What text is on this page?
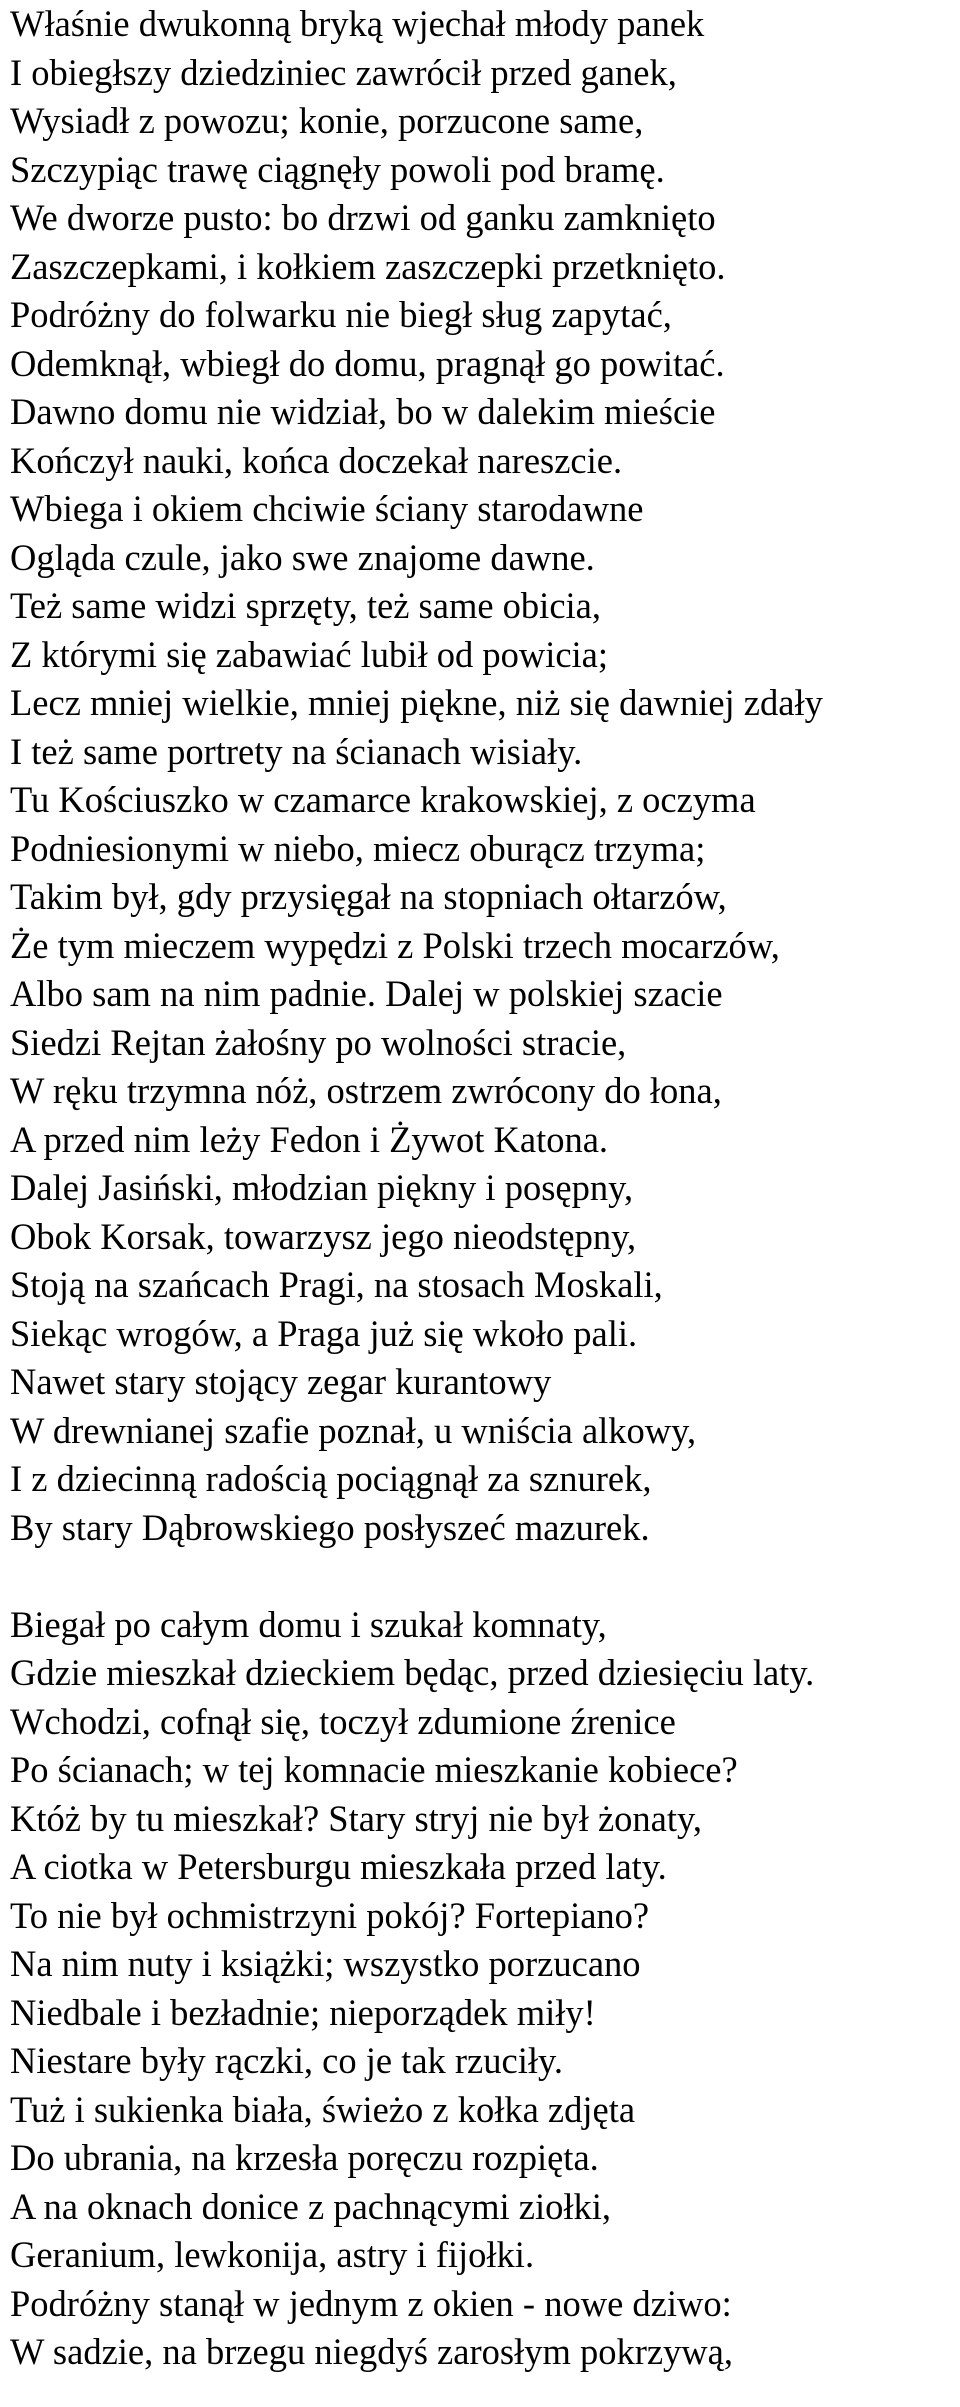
Właśnie dwukonną bryką wjechał młody panek
I obiegłszy dziedziniec zawrócił przed ganek,
Wysiadł z powozu; konie, porzucone same,
Szczypiąc trawę ciągnęły powoli pod bramę.
We dworze pusto: bo drzwi od ganku zamknięto
Zaszczepkami, i kołkiem zaszczepki przetknięto.
Podróżny do folwarku nie biegł sług zapytać,
Odemknął, wbiegł do domu, pragnął go powitać.
Dawno domu nie widział, bo w dalekim mieście
Kończył nauki, końca doczekał nareszcie.
Wbiega i okiem chciwie ściany starodawne
Ogląda czule, jako swe znajome dawne.
Też same widzi sprzęty, też same obicia,
Z którymi się zabawiać lubił od powicia;
Lecz mniej wielkie, mniej piękne, niż się dawniej zdały
I też same portrety na ścianach wisiały.
Tu Kościuszko w czamarce krakowskiej, z oczyma
Podniesionymi w niebo, miecz oburącz trzyma;
Takim był, gdy przysięgał na stopniach ołtarzów,
Że tym mieczem wypędzi z Polski trzech mocarzów,
Albo sam na nim padnie. Dalej w polskiej szacie
Siedzi Rejtan żałośny po wolności stracie,
W ręku trzymna nóż, ostrzem zwrócony do łona,
A przed nim leży Fedon i Żywot Katona.
Dalej Jasiński, młodzian piękny i posępny,
Obok Korsak, towarzysz jego nieodstępny,
Stoją na szańcach Pragi, na stosach Moskali,
Siekąc wrogów, a Praga już się wkoło pali.
Nawet stary stojący zegar kurantowy
W drewnianej szafie poznał, u wniścia alkowy,
I z dziecinną radością pociągnął za sznurek,
By stary Dąbrowskiego posłyszeć mazurek.
Biegał po całym domu i szukał komnaty,
Gdzie mieszkał dzieckiem będąc, przed dziesięciu laty.
Wchodzi, cofnął się, toczył zdumione źrenice
Po ścianach; w tej komnacie mieszkanie kobiece?
Któż by tu mieszkał? Stary stryj nie był żonaty,
A ciotka w Petersburgu mieszkała przed laty.
To nie był ochmistrzyni pokój? Fortepiano?
Na nim nuty i książki; wszystko porzucano
Niedbale i bezładnie; nieporządek miły!
Niestare były rączki, co je tak rzuciły.
Tuż i sukienka biała, świeżo z kołka zdjęta
Do ubrania, na krzesła poręczu rozpięta.
A na oknach donice z pachnącymi ziołki,
Geranium, lewkonija, astry i fijołki.
Podróżny stanął w jednym z okien - nowe dziwo:
W sadzie, na brzegu niegdyś zarosłym pokrzywą,
